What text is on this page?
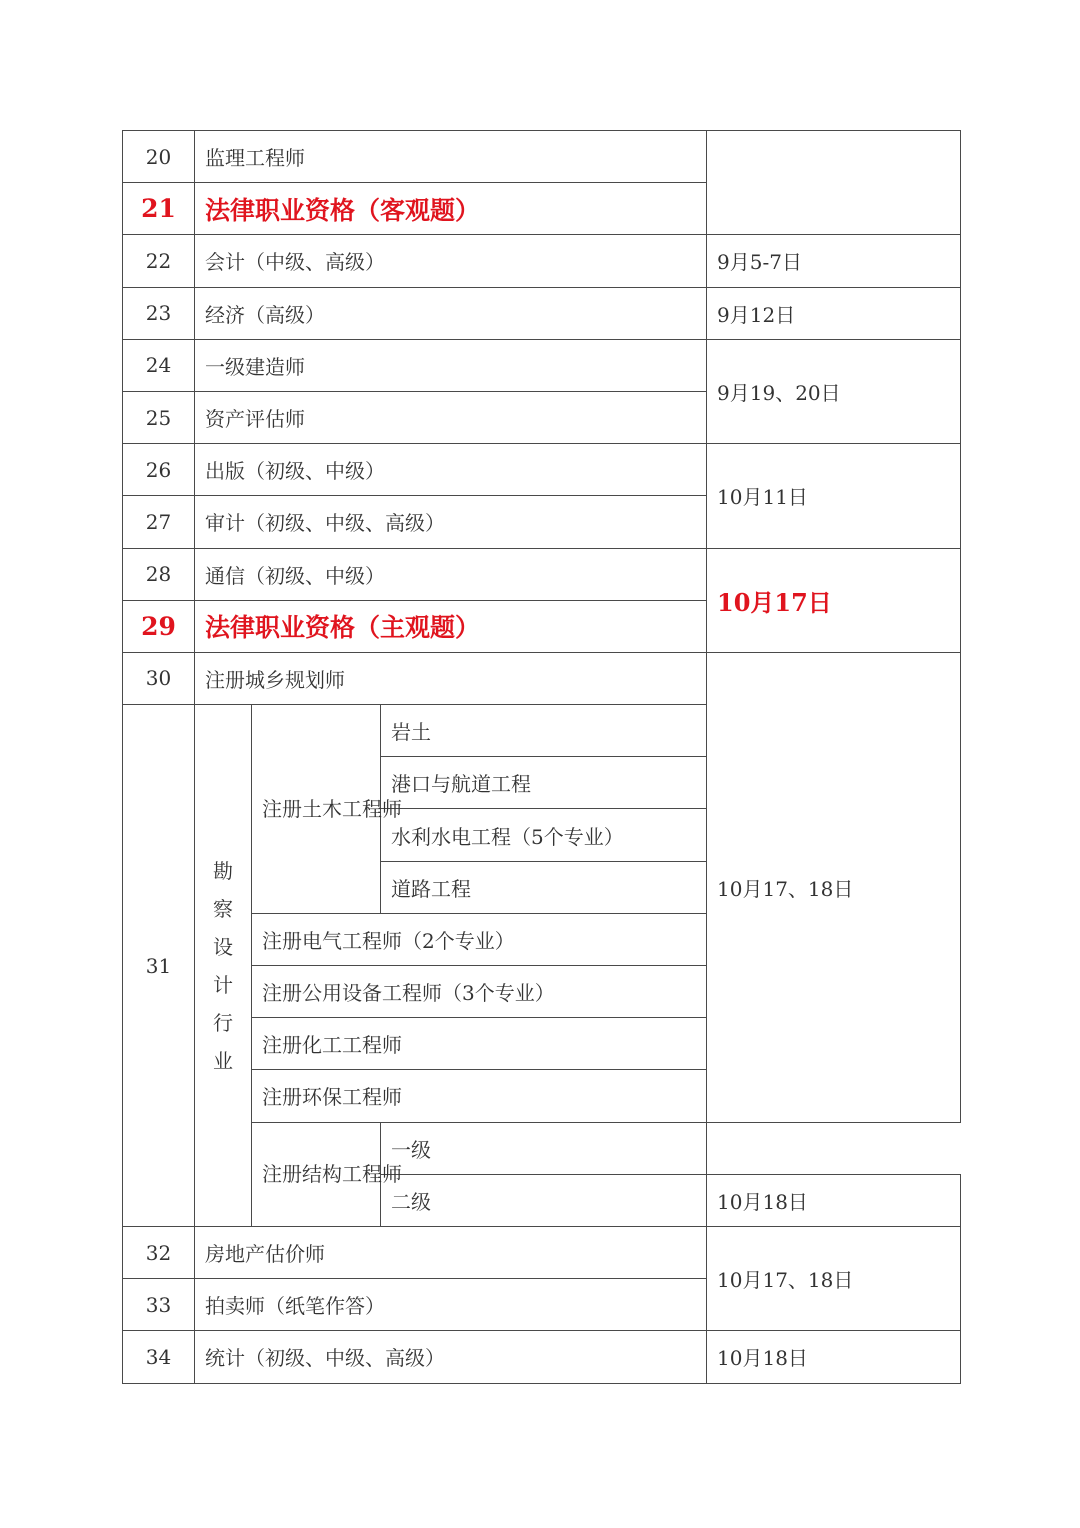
20	监理工程师			
21	法律职业资格（客观题）			
22	会计（中级、高级）			9月5-7日
23	经济（高级）			9月12日
24	一级建造师			9月19、20日
25	资产评估师			
26	出版（初级、中级）			10月11日
27	审计（初级、中级、高级）			
28	通信（初级、中级）			10月17日
29	法律职业资格（主观题）			
30	注册城乡规划师			10月17、18日
31	勘察设计行业	注册土木工程师	岩土	
			港口与航道工程	
			水利水电工程（5个专业）	
			道路工程	
		注册电气工程师（2个专业）		
		注册公用设备工程师（3个专业）		
		注册化工工程师		
		注册环保工程师		
		注册结构工程师	一级	
			二级	10月18日
32	房地产估价师			10月17、18日
33	拍卖师（纸笔作答）			
34	统计（初级、中级、高级）			10月18日
